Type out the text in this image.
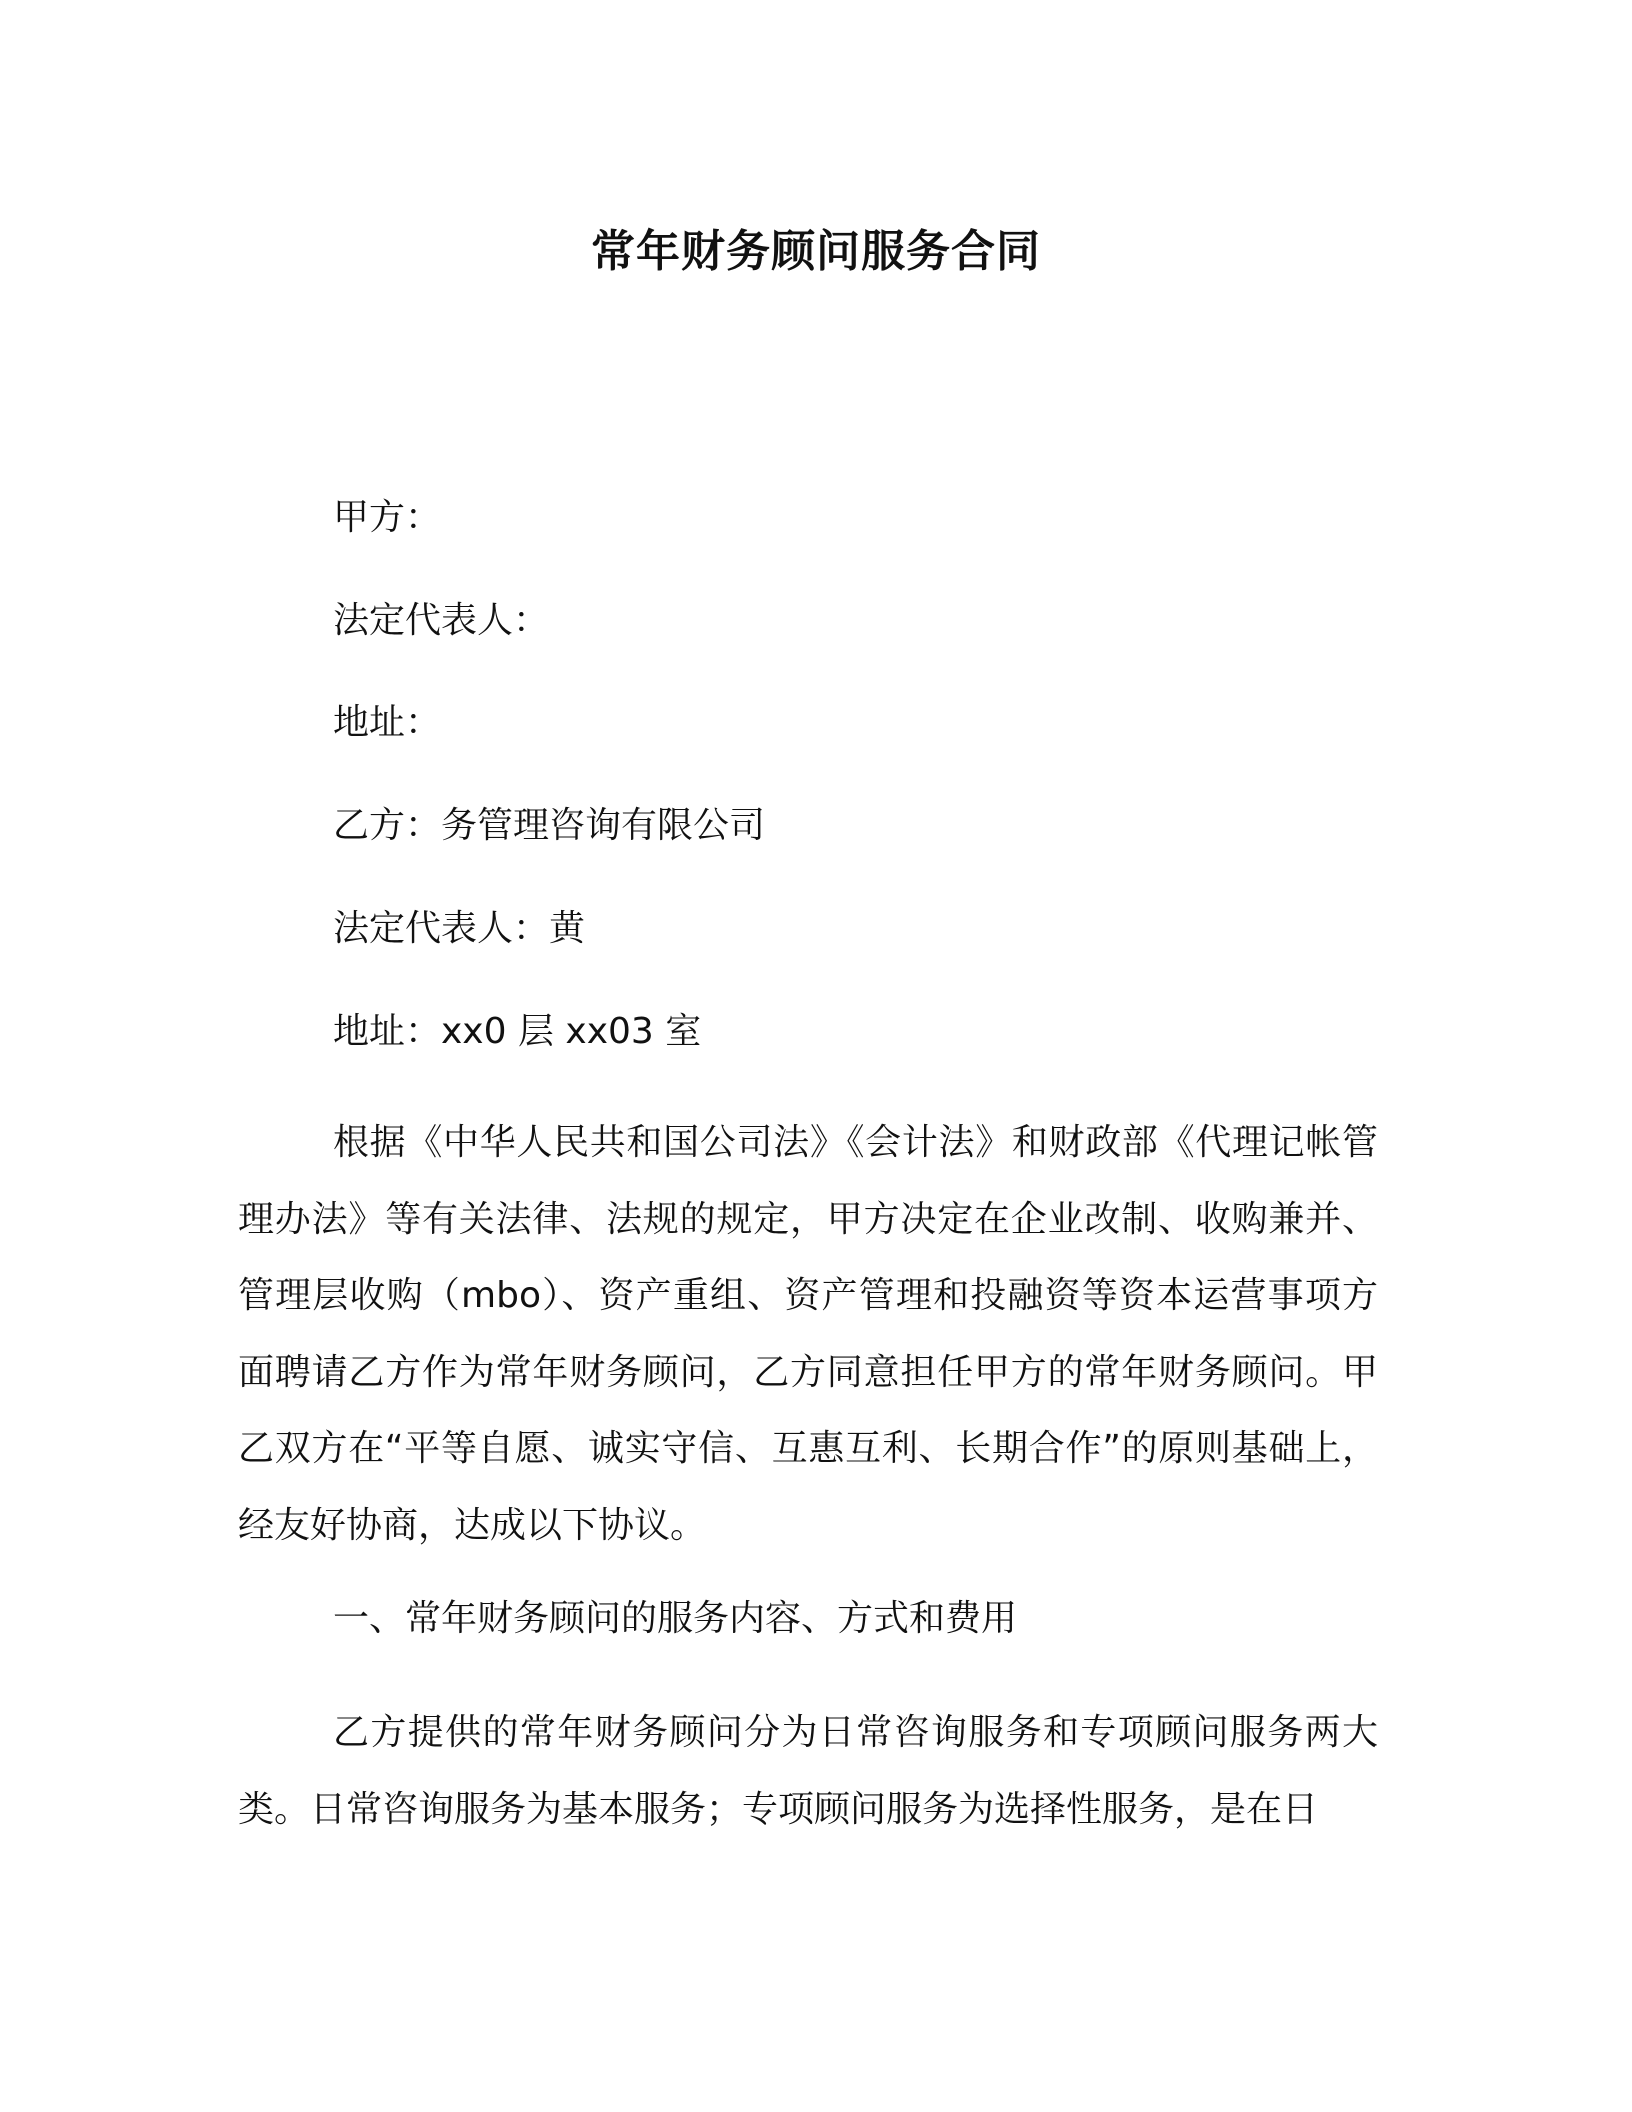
常年财务顾问服务合同
甲方：
法定代表人：
地址：
乙方：务管理咨询有限公司
法定代表人：黄
地址：xx0 层 xx03 室

根据《中华人民共和国公司法》《会计法》和财政部《代理记帐管理办法》等有关法律、法规的规定，甲方决定在企业改制、收购兼并、管理层收购（mbo）、资产重组、资产管理和投融资等资本运营事项方面聘请乙方作为常年财务顾问，乙方同意担任甲方的常年财务顾问。甲乙双方在“平等自愿、诚实守信、互惠互利、长期合作”的原则基础上，经友好协商，达成以下协议。

一、常年财务顾问的服务内容、方式和费用

乙方提供的常年财务顾问分为日常咨询服务和专项顾问服务两大类。日常咨询服务为基本服务；专项顾问服务为选择性服务，是在日
